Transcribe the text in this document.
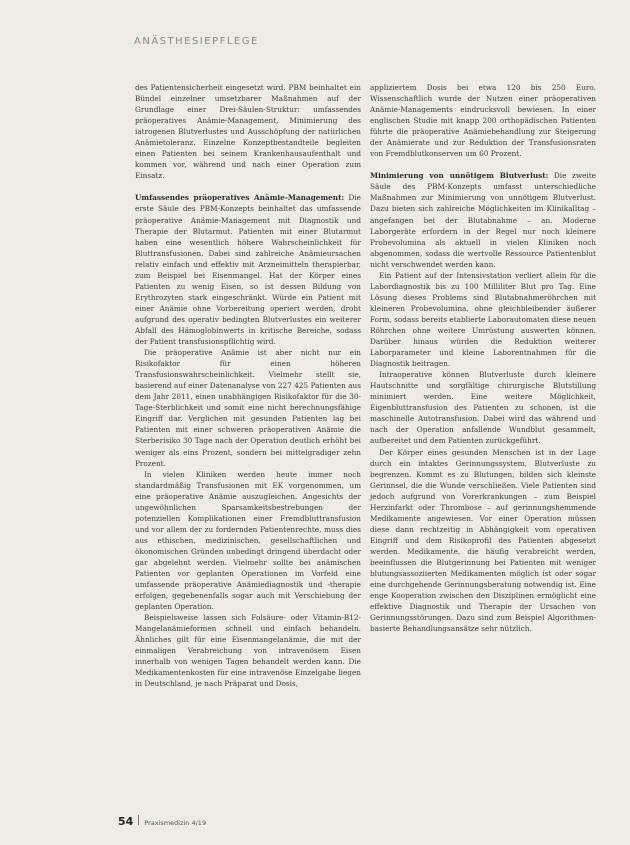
ANÄSTHESIEPFLEGE

des Patientensicherheit eingesetzt wird. PBM beinhaltet ein Bündel einzelner umsetzbarer Maßnahmen auf der Grundlage einer Drei-Säulen-Struktur: umfassendes präoperatives Anämie-Management, Minimierung des iatrogenen Blutverlustes und Ausschöpfung der natürlichen Anämietoleranz. Einzelne Konzeptbestandteile begleiten einen Patienten bei seinem Krankenhausaufenthalt und kommen vor, während und nach einer Operation zum Einsatz.

Umfassendes präoperatives Anämie-Management: Die erste Säule des PBM-Konzepts beinhaltet das umfassende präoperative Anämie-Management mit Diagnostik und Therapie der Blutarmut. Patienten mit einer Blutarmut haben eine wesentlich höhere Wahrscheinlichkeit für Bluttransfusionen. Dabei sind zahlreiche Anämieursachen relativ einfach und effektiv mit Arzneimitteln therapierbar, zum Beispiel bei Eisenmangel. Hat der Körper eines Patienten zu wenig Eisen, so ist dessen Bildung von Erythrozyten stark eingeschränkt. Würde ein Patient mit einer Anämie ohne Vorbereitung operiert werden, droht aufgrund des operativ bedingten Blutverlustes ein weiterer Abfall des Hämoglobinwerts in kritische Bereiche, sodass der Patient transfusionspflichtig wird.

Die präoperative Anämie ist aber nicht nur ein Risikofaktor für einen höheren Transfusionswahrscheinlichkeit. Vielmehr stellt sie, basierend auf einer Datenanalyse von 227 425 Patienten aus dem Jahr 2011, einen unabhängigen Risikofaktor für die 30-Tage-Sterblichkeit und somit eine nicht berechnungsfähige Eingriff dar. Verglichen mit gesunden Patienten lag bei Patienten mit einer schweren präoperativen Anämie die Sterberisiko 30 Tage nach der Operation deutlich erhöht bei weniger als eins Prozent, sondern bei mittelgradiger zehn Prozent.

In vielen Kliniken werden heute immer noch standardmäßig Transfusionen mit EK vorgenommen, um eine präoperative Anämie auszugleichen. Angesichts der ungewöhnlichen Sparsamkeitsbestrebungen der potenziellen Komplikationen einer Fremdbluttransfusion und vor allem der zu fordernden Patientenrechte, muss dies aus ethischen, medizinischen, gesellschaftlichen und ökonomischen Gründen unbedingt dringend überdacht oder gar abgelehnt werden. Vielmehr sollte bei anämischen Patienten vor geplanten Operationen im Vorfeld eine umfassende präoperative Anämiediagnostik und -therapie erfolgen, gegebenenfalls sogar auch mit Verschiebung der geplanten Operation.

Beispielsweise lassen sich Folsäure- oder Vitamin-B12-Mangelanämieformen schnell und einfach behandeln. Ähnliches gilt für eine Eisenmangelanämie, die mit der einmaligen Verabreichung von intravenösem Eisen innerhalb von wenigen Tagen behandelt werden kann. Die Medikamentenkosten für eine intravenöse Einzelgabe liegen in Deutschland, je nach Präparat und Dosis,

appliziertem Dosis bei etwa 120 bis 250 Euro. Wissenschaftlich wurde der Nutzen einer präoperativen Anämie-Managements eindrucksvoll bewiesen. In einer englischen Studie mit knapp 200 orthopädischen Patienten führte die präoperative Anämiebehandlung zur Steigerung der Anämierate und zur Reduktion der Transfusionsraten von Fremdblutkonserven um 60 Prozent.

Minimierung von unnötigem Blutverlust: Die zweite Säule des PBM-Konzepts umfasst unterschiedliche Maßnahmen zur Minimierung von unnötigem Blutverlust. Dazu bieten sich zahlreiche Möglichkeiten im Klinikalltag – angefangen bei der Blutabnahme – an. Moderne Laborgeräte erfordern in der Regel nur noch kleinere Probevolumina als aktuell in vielen Kliniken noch abgenommen, sodass die wertvolle Ressource Patientenblut nicht verschwendet werden kann.

Ein Patient auf der Intensivstation verliert allein für die Labordiagnostik bis zu 100 Milliliter Blut pro Tag. Eine Lösung dieses Problems sind Blutabnahmeröhrchen mit kleineren Probevolumina, ohne gleichbleibender äußerer Form, sodass bereits etablierte Laborautomaten diese neuen Röhrchen ohne weitere Umrüstung auswerten können. Darüber hinaus würden die Reduktion weiterer Laborparameter und kleine Laborentnahmen für die Diagnostik beitragen.

Intraoperative können Blutverluste durch kleinere Hautschnitte und sorgfältige chirurgische Blutstillung minimiert werden. Eine weitere Möglichkeit, Eigenbluttransfusion des Patienten zu schonen, ist die maschinelle Autotransfusion. Dabei wird das während und nach der Operation anfallende Wundblut gesammelt, aufbereitet und dem Patienten zurückgeführt.

Der Körper eines gesunden Menschen ist in der Lage durch ein intaktes Gerinnungssystem, Blutverluste zu begrenzen. Kommt es zu Blutungen, bilden sich kleinste Gerinnsel, die die Wunde verschließen. Viele Patienten sind jedoch aufgrund von Vorerkrankungen – zum Beispiel Herzinfarkt oder Thrombose – auf gerinnungshemmende Medikamente angewiesen. Vor einer Operation müssen diese dann rechtzeitig in Abhängigkeit vom operativen Eingriff und dem Risikoprofil des Patienten abgesetzt werden. Medikamente, die häufig verabreicht werden, beeinflussen die Blutgerinnung bei Patienten mit weniger blutungsassoziierten Medikamenten möglich ist oder sogar eine durchgehende Gerinnungsberatung notwendig ist. Eine enge Kooperation zwischen den Disziplinen ermöglicht eine effektive Diagnostik und Therapie der Ursachen von Gerinnungsstörungen. Dazu sind zum Beispiel Algorithmen-basierte Behandlungsansätze sehr nützlich.

54 Praxismedizin 4/19
